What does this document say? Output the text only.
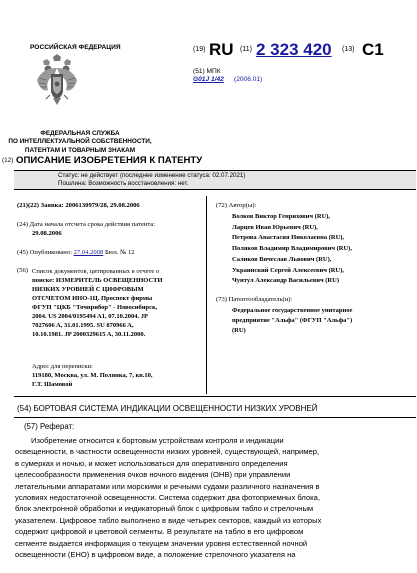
РОССИЙСКАЯ ФЕДЕРАЦИЯ	(19) RU (11) 2 323 420 (13) C1
(51) МПК
G01J 1/42 (2006.01)
ФЕДЕРАЛЬНАЯ СЛУЖБА
ПО ИНТЕЛЛЕКТУАЛЬНОЙ СОБСТВЕННОСТИ,
ПАТЕНТАМ И ТОВАРНЫМ ЗНАКАМ
(12) ОПИСАНИЕ ИЗОБРЕТЕНИЯ К ПАТЕНТУ
Статус: не действует (последнее изменение статуса: 02.07.2021)
Пошлина: Возможность восстановления: нет.
(21)(22) Заявка: 2006130979/28, 29.08.2006
(24) Дата начала отсчета срока действия патента:
29.08.2006
(45) Опубликовано: 27.04.2008 Бюл. № 12
(56) Список документов, цитированных в отчете о
поиске: ИЗМЕРИТЕЛЬ ОСВЕЩЕННОСТИ
НИЗКИХ УРОВНЕЙ С ЦИФРОВЫМ
ОТСЧЕТОМ ИНО-1Ц. Проспект фирмы
ФГУП "ЦКБ "Точприбор" - Новосибирск,
2004. US 2004/0195494 A1, 07.10.2004. JP
7027606 A, 31.01.1995. SU 870966 A,
10.10.1981. JP 2000329615 A, 30.11.2000.
Адрес для переписки:
119180, Москва, ул. М. Полянка, 7, кв.10,
Г.Т. Шамовой
(72) Автор(ы):
Волков Виктор Генрихович (RU),
Ларцев Иван Юрьевич (RU),
Петрова Анастасия Николаевна (RU),
Поляков Владимир Владимирович (RU),
Саликов Вячеслав Львович (RU),
Украинский Сергей Алексеевич (RU),
Чунтул Александр Васильевич (RU)
(73) Патентообладатель(и):
Федеральное государственное унитарное
предприятие "Альфа" (ФГУП "Альфа")
(RU)
(54) БОРТОВАЯ СИСТЕМА ИНДИКАЦИИ ОСВЕЩЕННОСТИ НИЗКИХ УРОВНЕЙ
(57) Реферат:
Изобретение относится к бортовым устройствам контроля и индикации
освещенности, в частности освещенности низких уровней, существующей, например,
в сумерках и ночью, и может использоваться для оперативного определения
целесообразности применения очков ночного видения (ОНВ) при управлении
летательными аппаратами или морскими и речными судами различного назначения в
условиях недостаточной освещенности. Система содержит два фотоприемных блока,
блок электронной обработки и индикаторный блок с цифровым табло и стрелочным
указателем. Цифровое табло выполнено в виде четырех секторов, каждый из которых
содержит цифровой и цветовой сегменты. В результате на табло в его цифровом
сегменте выдается информация о текущем значении уровня естественной ночной
освещенности (ЕНО) в цифровом виде, а положение стрелочного указателя на
